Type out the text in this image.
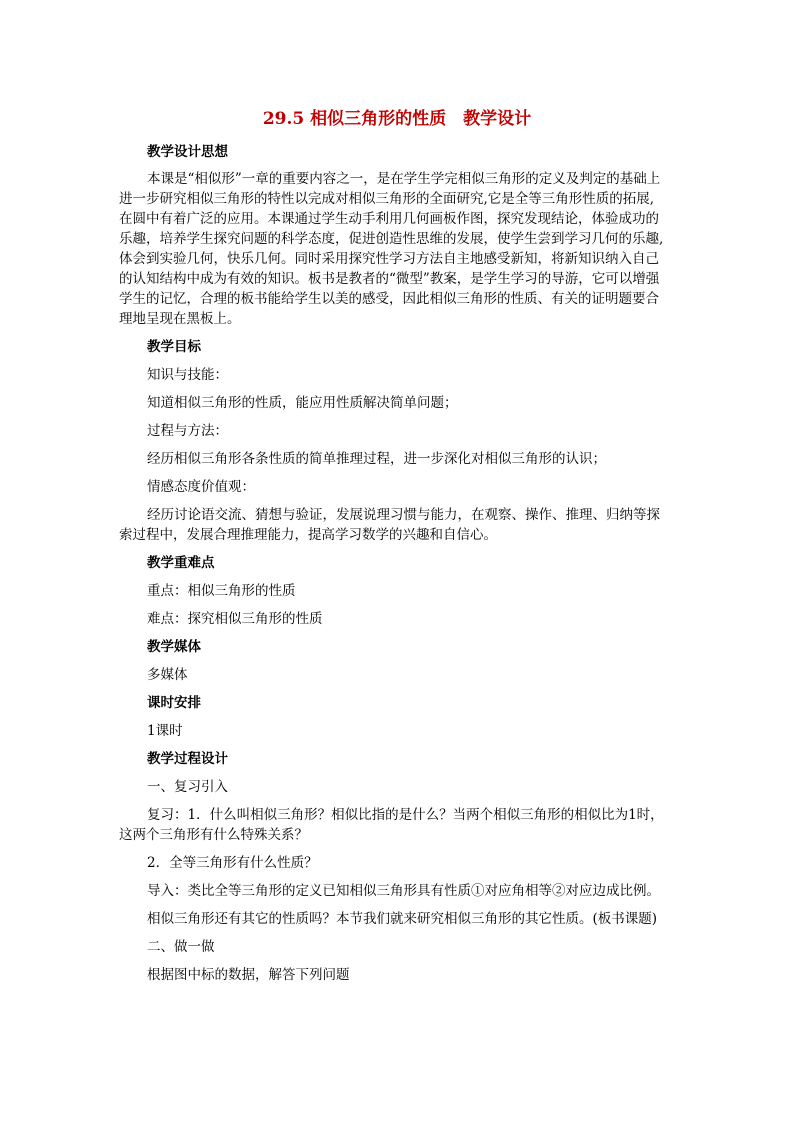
29.5 相似三角形的性质　教学设计

教学设计思想

本课是“相似形”一章的重要内容之一，是在学生学完相似三角形的定义及判定的基础上

进一步研究相似三角形的特性以完成对相似三角形的全面研究,它是全等三角形性质的拓展,

在圆中有着广泛的应用。本课通过学生动手利用几何画板作图，探究发现结论，体验成功的

乐趣，培养学生探究问题的科学态度，促进创造性思维的发展，使学生尝到学习几何的乐趣,

体会到实验几何，快乐几何。同时采用探究性学习方法自主地感受新知，将新知识纳入自己

的认知结构中成为有效的知识。板书是教者的“微型”教案，是学生学习的导游，它可以增强

学生的记忆，合理的板书能给学生以美的感受，因此相似三角形的性质、有关的证明题要合

理地呈现在黑板上。

教学目标

知识与技能：

知道相似三角形的性质，能应用性质解决简单问题；

过程与方法：

经历相似三角形各条性质的简单推理过程，进一步深化对相似三角形的认识；

情感态度价值观：

经历讨论语交流、猜想与验证，发展说理习惯与能力，在观察、操作、推理、归纳等探

索过程中，发展合理推理能力，提高学习数学的兴趣和自信心。

教学重难点

重点：相似三角形的性质

难点：探究相似三角形的性质

教学媒体

多媒体

课时安排

1课时

教学过程设计

一、复习引入

复习：1．什么叫相似三角形？相似比指的是什么？当两个相似三角形的相似比为1时，

这两个三角形有什么特殊关系？

2．全等三角形有什么性质？

导入：类比全等三角形的定义已知相似三角形具有性质①对应角相等②对应边成比例。

相似三角形还有其它的性质吗？本节我们就来研究相似三角形的其它性质。(板书课题)

二、做一做

根据图中标的数据，解答下列问题
